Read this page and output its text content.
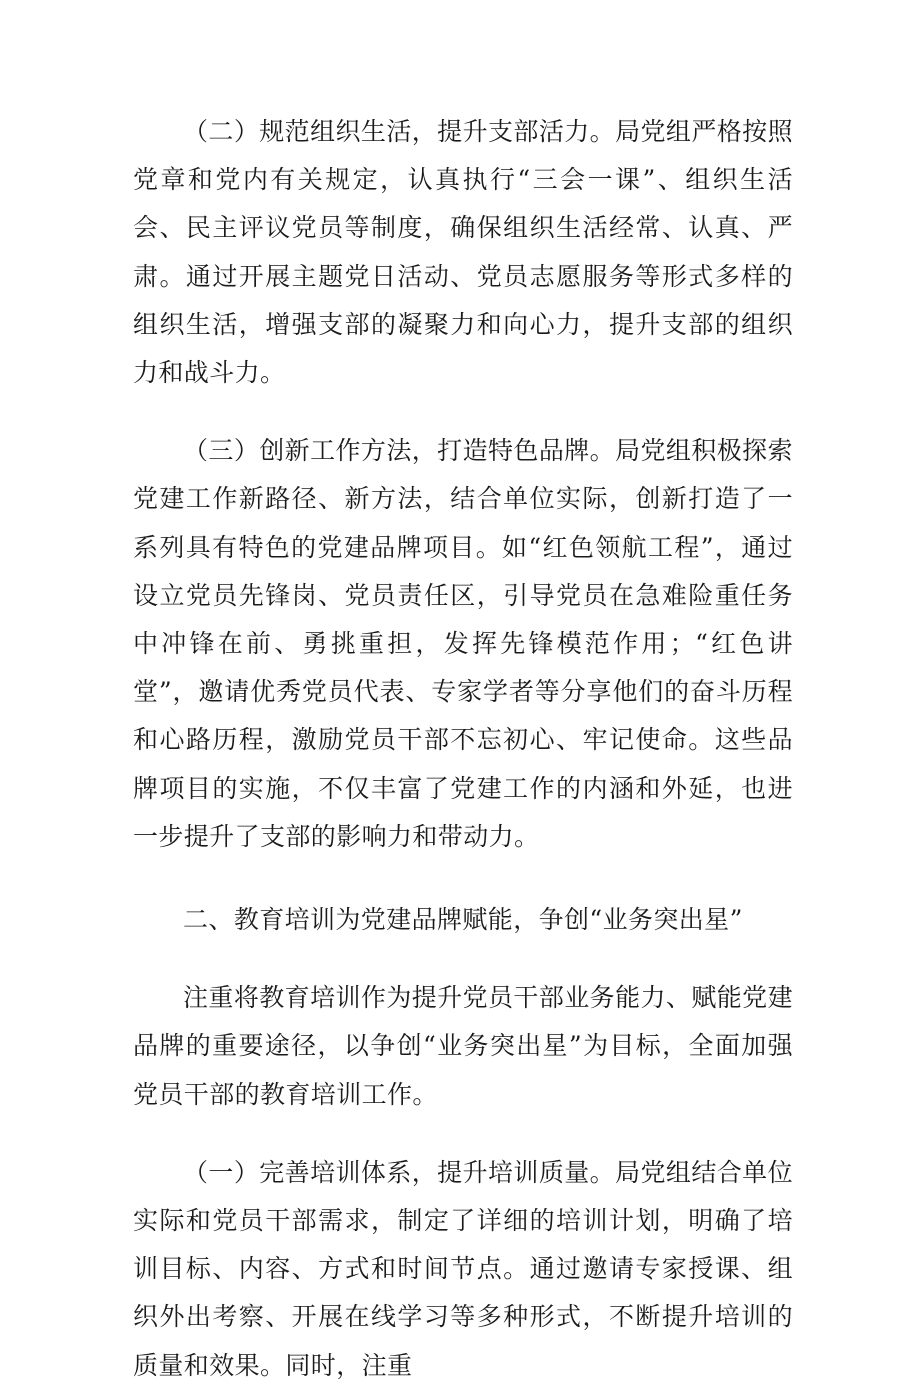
（二）规范组织生活，提升支部活力。局党组严格按照党章和党内有关规定，认真执行“三会一课”、组织生活会、民主评议党员等制度，确保组织生活经常、认真、严肃。通过开展主题党日活动、党员志愿服务等形式多样的组织生活，增强支部的凝聚力和向心力，提升支部的组织力和战斗力。

（三）创新工作方法，打造特色品牌。局党组积极探索党建工作新路径、新方法，结合单位实际，创新打造了一系列具有特色的党建品牌项目。如“红色领航工程”，通过设立党员先锋岗、党员责任区，引导党员在急难险重任务中冲锋在前、勇挑重担，发挥先锋模范作用；“红色讲堂”，邀请优秀党员代表、专家学者等分享他们的奋斗历程和心路历程，激励党员干部不忘初心、牢记使命。这些品牌项目的实施，不仅丰富了党建工作的内涵和外延，也进一步提升了支部的影响力和带动力。

二、教育培训为党建品牌赋能，争创“业务突出星”

注重将教育培训作为提升党员干部业务能力、赋能党建品牌的重要途径，以争创“业务突出星”为目标，全面加强党员干部的教育培训工作。

（一）完善培训体系，提升培训质量。局党组结合单位实际和党员干部需求，制定了详细的培训计划，明确了培训目标、内容、方式和时间节点。通过邀请专家授课、组织外出考察、开展在线学习等多种形式，不断提升培训的质量和效果。同时，注重
